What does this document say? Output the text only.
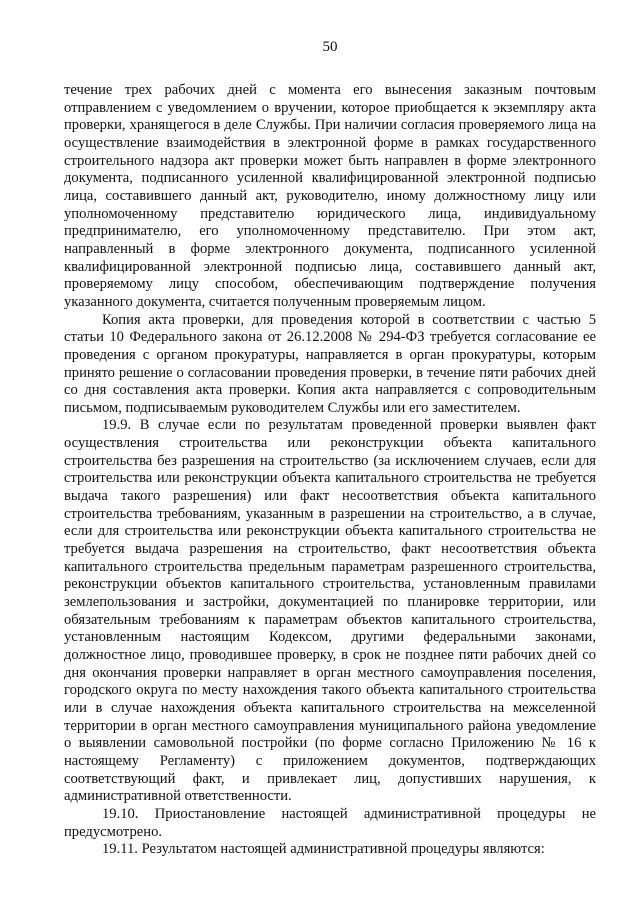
50

течение трех рабочих дней с момента его вынесения заказным почтовым отправлением с уведомлением о вручении, которое приобщается к экземпляру акта проверки, хранящегося в деле Службы. При наличии согласия проверяемого лица на осуществление взаимодействия в электронной форме в рамках государственного строительного надзора акт проверки может быть направлен в форме электронного документа, подписанного усиленной квалифицированной электронной подписью лица, составившего данный акт, руководителю, иному должностному лицу или уполномоченному представителю юридического лица, индивидуальному предпринимателю, его уполномоченному представителю. При этом акт, направленный в форме электронного документа, подписанного усиленной квалифицированной электронной подписью лица, составившего данный акт, проверяемому лицу способом, обеспечивающим подтверждение получения указанного документа, считается полученным проверяемым лицом.

Копия акта проверки, для проведения которой в соответствии с частью 5 статьи 10 Федерального закона от 26.12.2008 № 294-ФЗ требуется согласование ее проведения с органом прокуратуры, направляется в орган прокуратуры, которым принято решение о согласовании проведения проверки, в течение пяти рабочих дней со дня составления акта проверки. Копия акта направляется с сопроводительным письмом, подписываемым руководителем Службы или его заместителем.

19.9. В случае если по результатам проведенной проверки выявлен факт осуществления строительства или реконструкции объекта капитального строительства без разрешения на строительство (за исключением случаев, если для строительства или реконструкции объекта капитального строительства не требуется выдача такого разрешения) или факт несоответствия объекта капитального строительства требованиям, указанным в разрешении на строительство, а в случае, если для строительства или реконструкции объекта капитального строительства не требуется выдача разрешения на строительство, факт несоответствия объекта капитального строительства предельным параметрам разрешенного строительства, реконструкции объектов капитального строительства, установленным правилами землепользования и застройки, документацией по планировке территории, или обязательным требованиям к параметрам объектов капитального строительства, установленным настоящим Кодексом, другими федеральными законами, должностное лицо, проводившее проверку, в срок не позднее пяти рабочих дней со дня окончания проверки направляет в орган местного самоуправления поселения, городского округа по месту нахождения такого объекта капитального строительства или в случае нахождения объекта капитального строительства на межселенной территории в орган местного самоуправления муниципального района уведомление о выявлении самовольной постройки (по форме согласно Приложению № 16 к настоящему Регламенту) с приложением документов, подтверждающих соответствующий факт, и привлекает лиц, допустивших нарушения, к административной ответственности.

19.10. Приостановление настоящей административной процедуры не предусмотрено.

19.11. Результатом настоящей административной процедуры являются:
